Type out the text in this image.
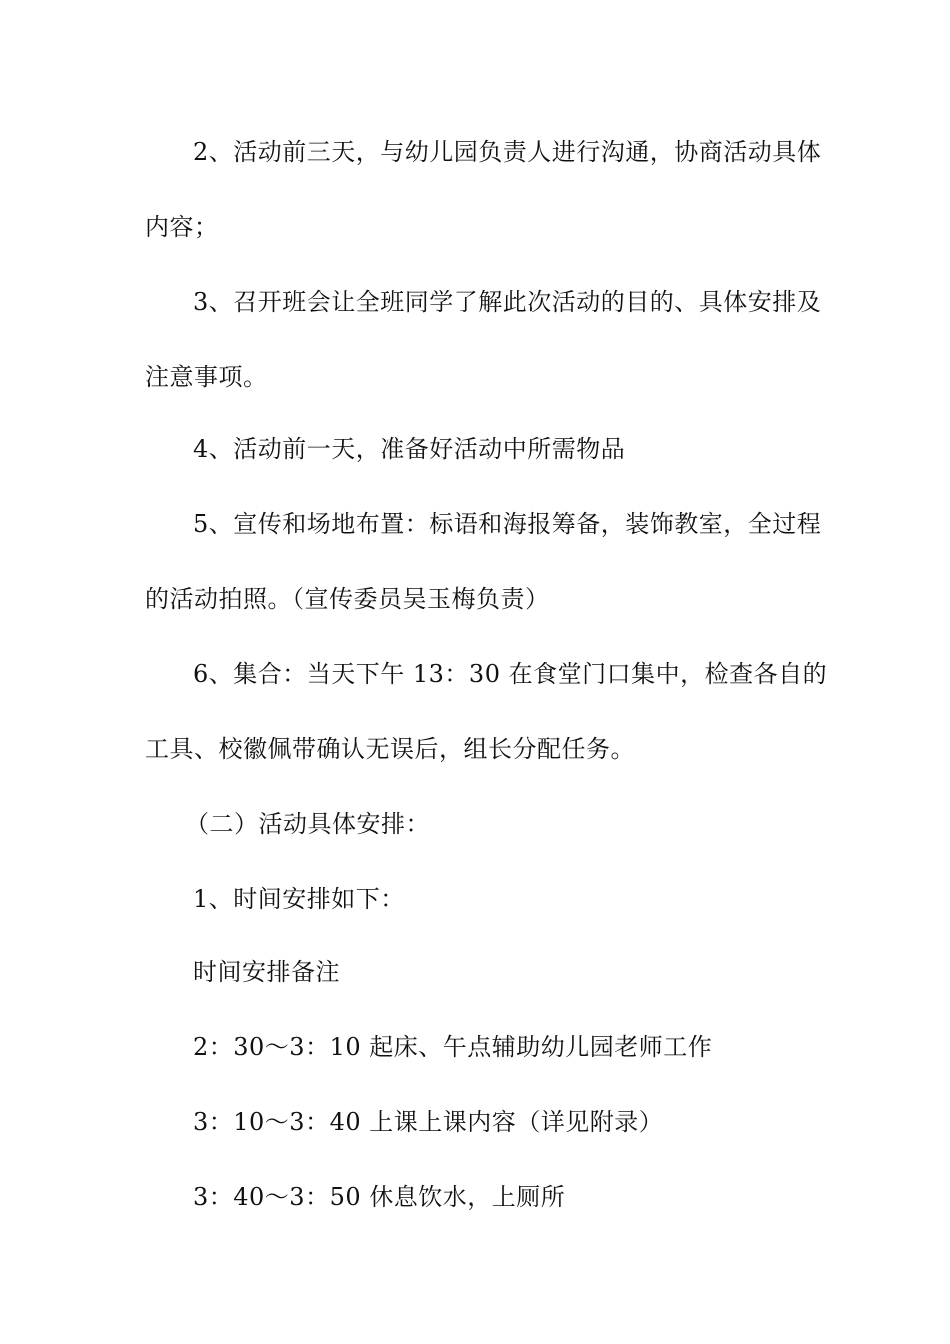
2、活动前三天，与幼儿园负责人进行沟通，协商活动具体
内容；
3、召开班会让全班同学了解此次活动的目的、具体安排及
注意事项。
4、活动前一天，准备好活动中所需物品
5、宣传和场地布置：标语和海报筹备，装饰教室，全过程
的活动拍照。（宣传委员吴玉梅负责）
6、集合：当天下午 13：30 在食堂门口集中，检查各自的
工具、校徽佩带确认无误后，组长分配任务。
（二）活动具体安排：
1、时间安排如下：
时间安排备注
2：30～3：10 起床、午点辅助幼儿园老师工作
3：10～3：40 上课上课内容（详见附录）
3：40～3：50 休息饮水，上厕所
